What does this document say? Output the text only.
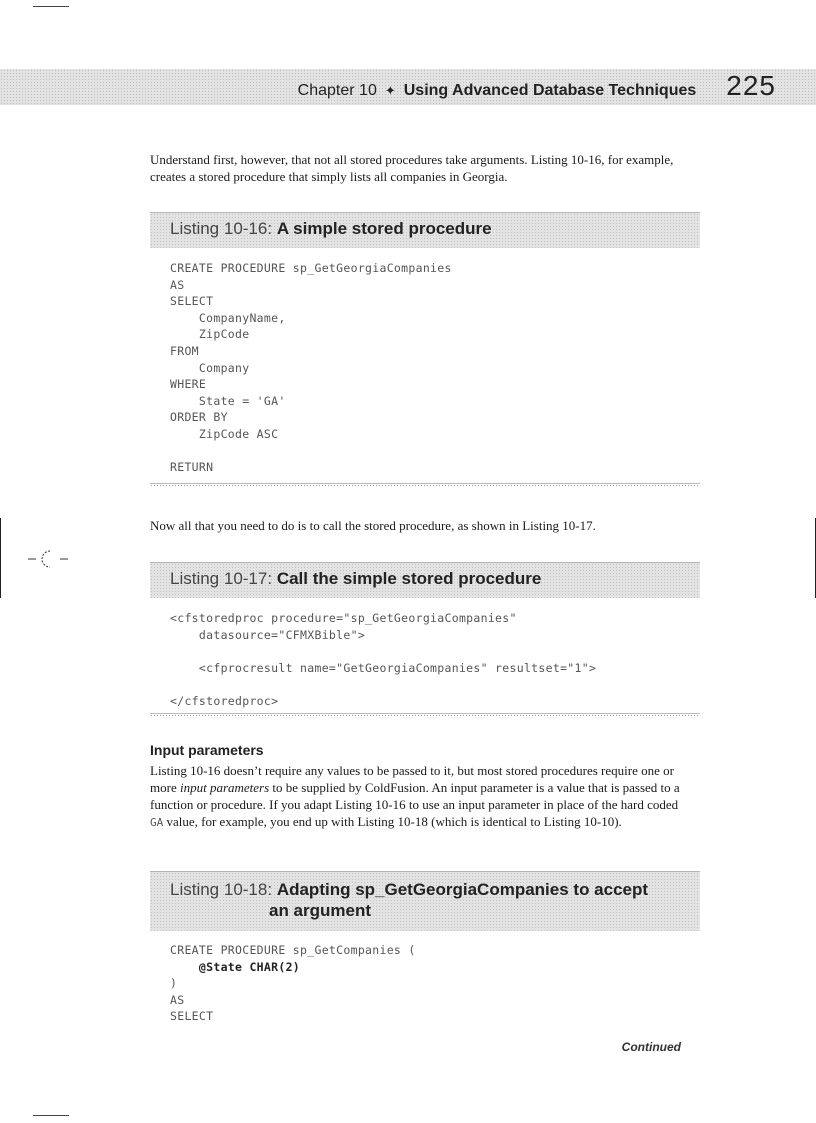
Chapter 10 ✦ Using Advanced Database Techniques 225

Understand first, however, that not all stored procedures take arguments. Listing 10-16, for example, creates a stored procedure that simply lists all companies in Georgia.

Listing 10-16: A simple stored procedure
CREATE PROCEDURE sp_GetGeorgiaCompanies
AS
SELECT
CompanyName,
ZipCode
FROM
Company
WHERE
State = 'GA'
ORDER BY
ZipCode ASC

RETURN

Now all that you need to do is to call the stored procedure, as shown in Listing 10-17.

Listing 10-17: Call the simple stored procedure
<cfstoredproc procedure="sp_GetGeorgiaCompanies"
datasource="CFMXBible">

<cfprocresult name="GetGeorgiaCompanies" resultset="1">

</cfstoredproc>
Input parameters

Listing 10-16 doesn’t require any values to be passed to it, but most stored procedures require one or more input parameters to be supplied by ColdFusion. An input parameter is a value that is passed to a function or procedure. If you adapt Listing 10-16 to use an input parameter in place of the hard coded GA value, for example, you end up with Listing 10-18 (which is identical to Listing 10-10).

Listing 10-18: Adapting sp_GetGeorgiaCompanies to accept
an argument
CREATE PROCEDURE sp_GetCompanies (
@State CHAR(2)
)
AS
SELECT
Continued
